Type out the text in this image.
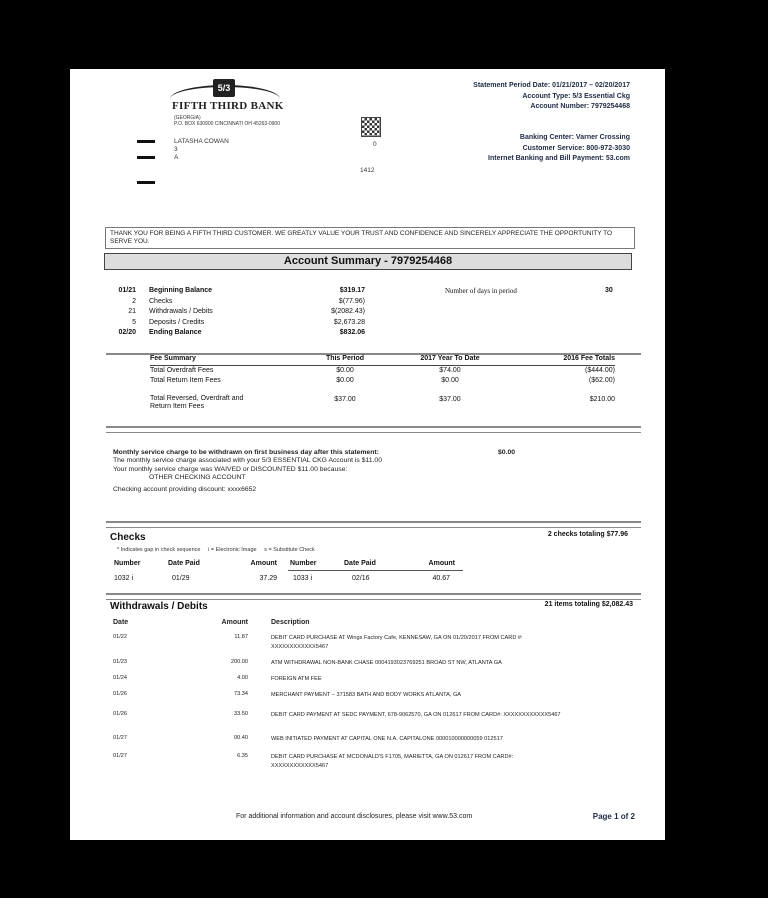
5/3
FIFTH THIRD BANK
(GEORGIA)
P.O. BOX 630900 CINCINNATI OH 45263-0900
0
1412
LATASHA COWAN
3
A
Statement Period Date: 01/21/2017 – 02/20/2017
Account Type: 5/3 Essential Ckg
Account Number: 7979254468
Banking Center: Varner Crossing
Customer Service: 800-972-3030
Internet Banking and Bill Payment: 53.com
THANK YOU FOR BEING A FIFTH THIRD CUSTOMER. WE GREATLY VALUE YOUR TRUST AND CONFIDENCE AND SINCERELY APPRECIATE THE OPPORTUNITY TO SERVE YOU.
Account Summary - 7979254468
01/21 Beginning Balance	$319.17
2 Checks	$(77.96)
21 Withdrawals / Debits	$(2082.43)
5 Deposits / Credits	$2,673.28
02/20 Ending Balance	$832.06
Number of days in period	30
Fee Summary	This Period	2017 Year To Date	2016 Fee Totals
Total Overdraft Fees	$0.00	$74.00	($444.00)
Total Return Item Fees	$0.00	$0.00	($62.00)

Total Reversed, Overdraft and Return Item Fees	$37.00	$37.00	$210.00
Monthly service charge to be withdrawn on first business day after this statement:
The monthly service charge associated with your 5/3 ESSENTIAL CKG Account is $11.00
Your monthly service charge was WAIVED or DISCOUNTED $11.00 because:
OTHER CHECKING ACCOUNT
Checking account providing discount: xxxx6652
$0.00
Checks	2 checks totaling $77.96
* Indicates gap in check sequence     i = Electronic Image     s = Substitute Check
Number	Date Paid	Amount Number	Date Paid	Amount
1032 i	01/29	37.29 1033 i	02/16	40.67
Withdrawals / Debits	21 items totaling $2,082.43
Date	Amount	Description
01/22	11.87	DEBIT CARD PURCHASE AT Wings Factory Cafe, KENNESAW, GA ON 01/20/2017 FROM CARD #: XXXXXXXXXXXX5467
01/23	200.00	ATM WITHDRAWAL NON-BANK CHASE 0004193023769251 BROAD ST NW, ATLANTA GA
01/24	4.00	FOREIGN ATM FEE
01/26	73.34	MERCHANT PAYMENT – 371583 BATH AND BODY WORKS ATLANTA, GA
01/26	33.50	DEBIT CARD PAYMENT AT SEDC PAYMENT, 678-9062570, GA ON 012617 FROM CARD#: XXXXXXXXXXXX5467
01/27	00.40	WEB INITIATED PAYMENT AT CAPITAL ONE N.A. CAPITALONE 000010000000059 012517
01/27	6.35	DEBIT CARD PURCHASE AT MCDONALD'S F1705, MARIETTA, GA ON 012617 FROM CARD#: XXXXXXXXXXXX5467
For additional information and account disclosures, please visit www.53.com	Page 1 of 2
